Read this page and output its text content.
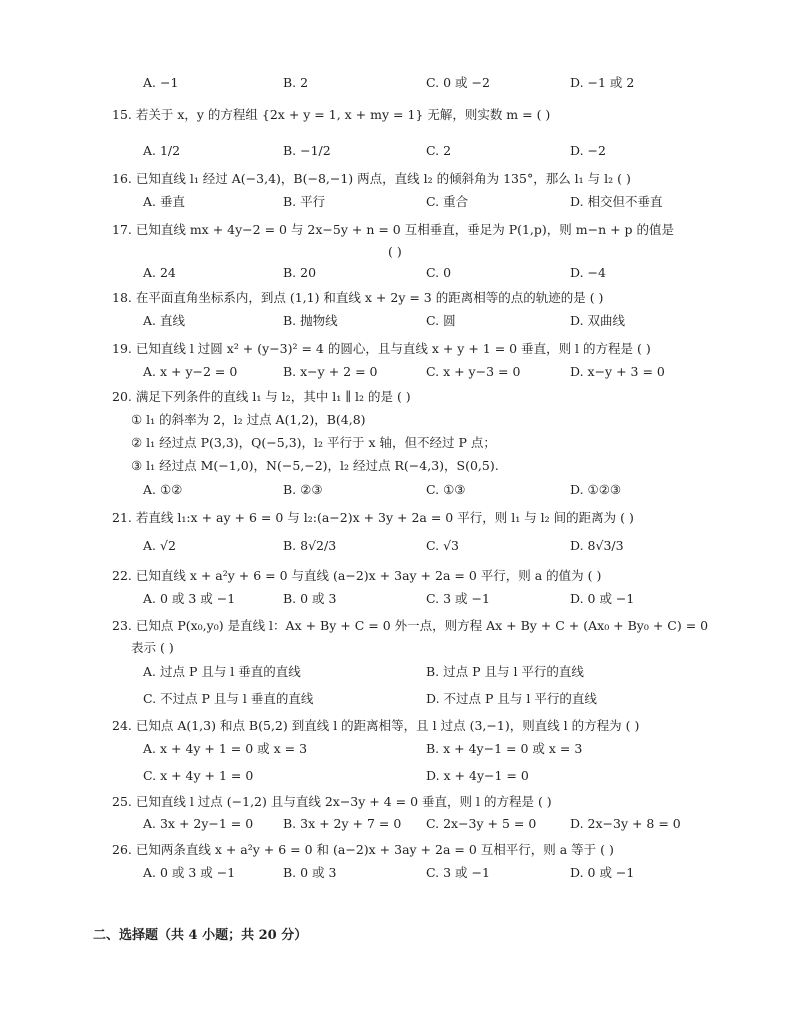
A. −1	B. 2	C. 0 或 −2	D. −1 或 2
15. 若关于 x，y 的方程组 {2x + y = 1, x + my = 1} 无解，则实数 m = ( )
A. 1/2	B. −1/2	C. 2	D. −2
16. 已知直线 l₁ 经过 A(−3,4)，B(−8,−1) 两点，直线 l₂ 的倾斜角为 135°，那么 l₁ 与 l₂ ( )
A. 垂直	B. 平行	C. 重合	D. 相交但不垂直
17. 已知直线 mx + 4y−2 = 0 与 2x−5y + n = 0 互相垂直，垂足为 P(1,p)，则 m−n + p 的值是
( )
A. 24	B. 20	C. 0	D. −4
18. 在平面直角坐标系内，到点 (1,1) 和直线 x + 2y = 3 的距离相等的点的轨迹的是 ( )
A. 直线	B. 抛物线	C. 圆	D. 双曲线
19. 已知直线 l 过圆 x² + (y−3)² = 4 的圆心，且与直线 x + y + 1 = 0 垂直，则 l 的方程是 ( )
A. x + y−2 = 0	B. x−y + 2 = 0	C. x + y−3 = 0	D. x−y + 3 = 0
20. 满足下列条件的直线 l₁ 与 l₂，其中 l₁ ∥ l₂ 的是 ( )
① l₁ 的斜率为 2，l₂ 过点 A(1,2)，B(4,8)
② l₁ 经过点 P(3,3)，Q(−5,3)，l₂ 平行于 x 轴，但不经过 P 点；
③ l₁ 经过点 M(−1,0)，N(−5,−2)，l₂ 经过点 R(−4,3)，S(0,5).
A. ①②	B. ②③	C. ①③	D. ①②③
21. 若直线 l₁:x + ay + 6 = 0 与 l₂:(a−2)x + 3y + 2a = 0 平行，则 l₁ 与 l₂ 间的距离为 ( )
A. √2	B. 8√2/3	C. √3	D. 8√3/3
22. 已知直线 x + a²y + 6 = 0 与直线 (a−2)x + 3ay + 2a = 0 平行，则 a 的值为 ( )
A. 0 或 3 或 −1	B. 0 或 3	C. 3 或 −1	D. 0 或 −1
23. 已知点 P(x₀,y₀) 是直线 l：Ax + By + C = 0 外一点，则方程 Ax + By + C + (Ax₀ + By₀ + C) = 0
表示 ( )
A. 过点 P 且与 l 垂直的直线	B. 过点 P 且与 l 平行的直线
C. 不过点 P 且与 l 垂直的直线	D. 不过点 P 且与 l 平行的直线
24. 已知点 A(1,3) 和点 B(5,2) 到直线 l 的距离相等，且 l 过点 (3,−1)，则直线 l 的方程为 ( )
A. x + 4y + 1 = 0 或 x = 3	B. x + 4y−1 = 0 或 x = 3
C. x + 4y + 1 = 0	D. x + 4y−1 = 0
25. 已知直线 l 过点 (−1,2) 且与直线 2x−3y + 4 = 0 垂直，则 l 的方程是 ( )
A. 3x + 2y−1 = 0 B. 3x + 2y + 7 = 0 C. 2x−3y + 5 = 0	D. 2x−3y + 8 = 0
26. 已知两条直线 x + a²y + 6 = 0 和 (a−2)x + 3ay + 2a = 0 互相平行，则 a 等于 ( )
A. 0 或 3 或 −1	B. 0 或 3	C. 3 或 −1	D. 0 或 −1
二、选择题（共 4 小题；共 20 分）
